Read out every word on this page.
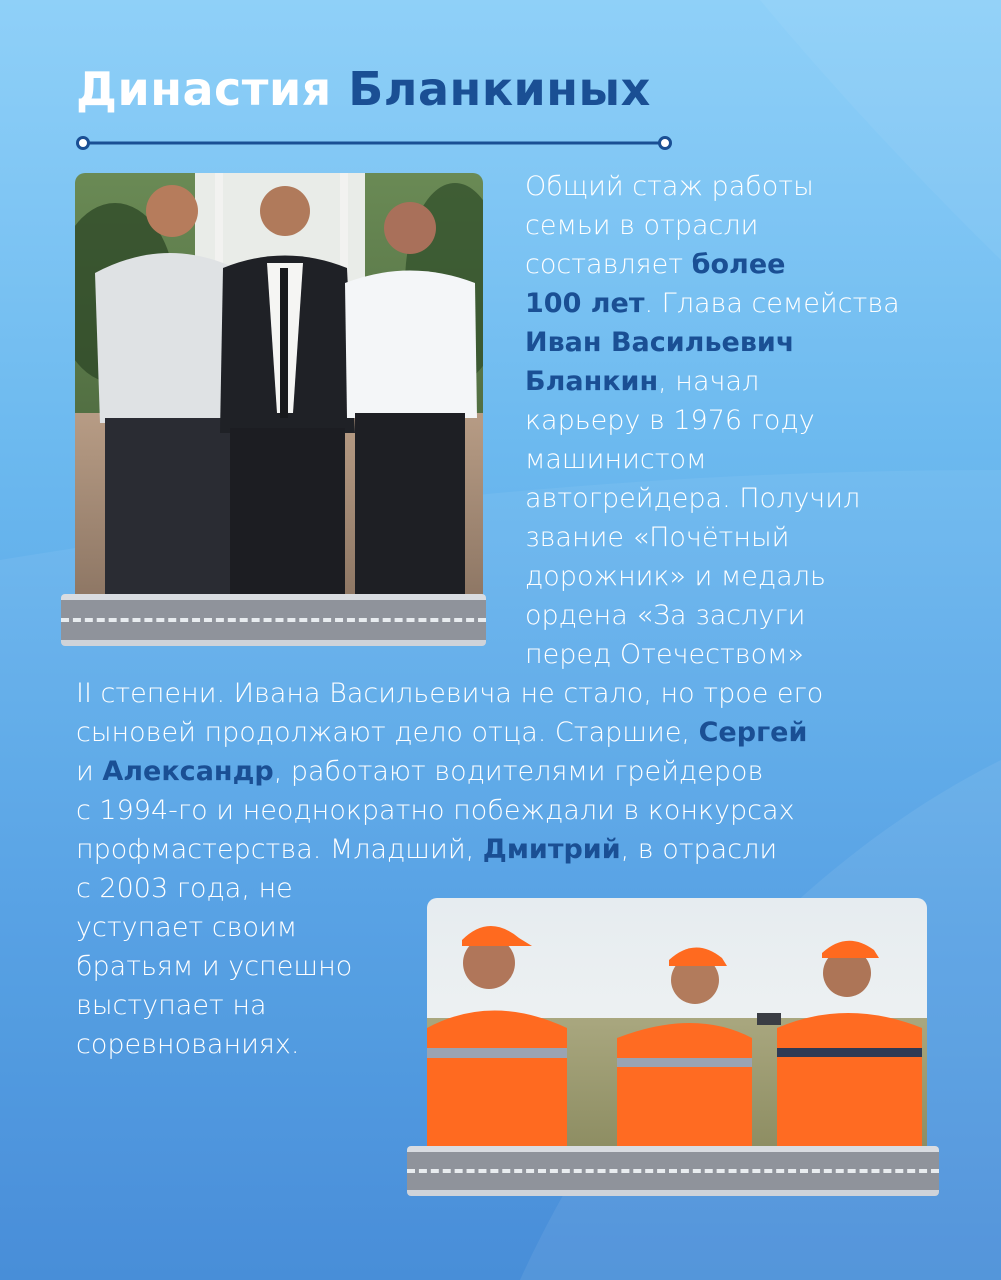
Династия Бланкиных
Общий стаж работы
семьи в отрасли
составляет более
100 лет. Глава семейства
Иван Васильевич
Бланкин, начал
карьеру в 1976 году
машинистом
автогрейдера. Получил
звание «Почётный
дорожник» и медаль
ордена «За заслуги
перед Отечеством»
II степени. Ивана Васильевича не стало, но трое его
сыновей продолжают дело отца. Старшие, Сергей
и Александр, работают водителями грейдеров
с 1994-го и неоднократно побеждали в конкурсах
профмастерства. Младший, Дмитрий, в отрасли
с 2003 года, не
уступает своим
братьям и успешно
выступает на
соревнованиях.
